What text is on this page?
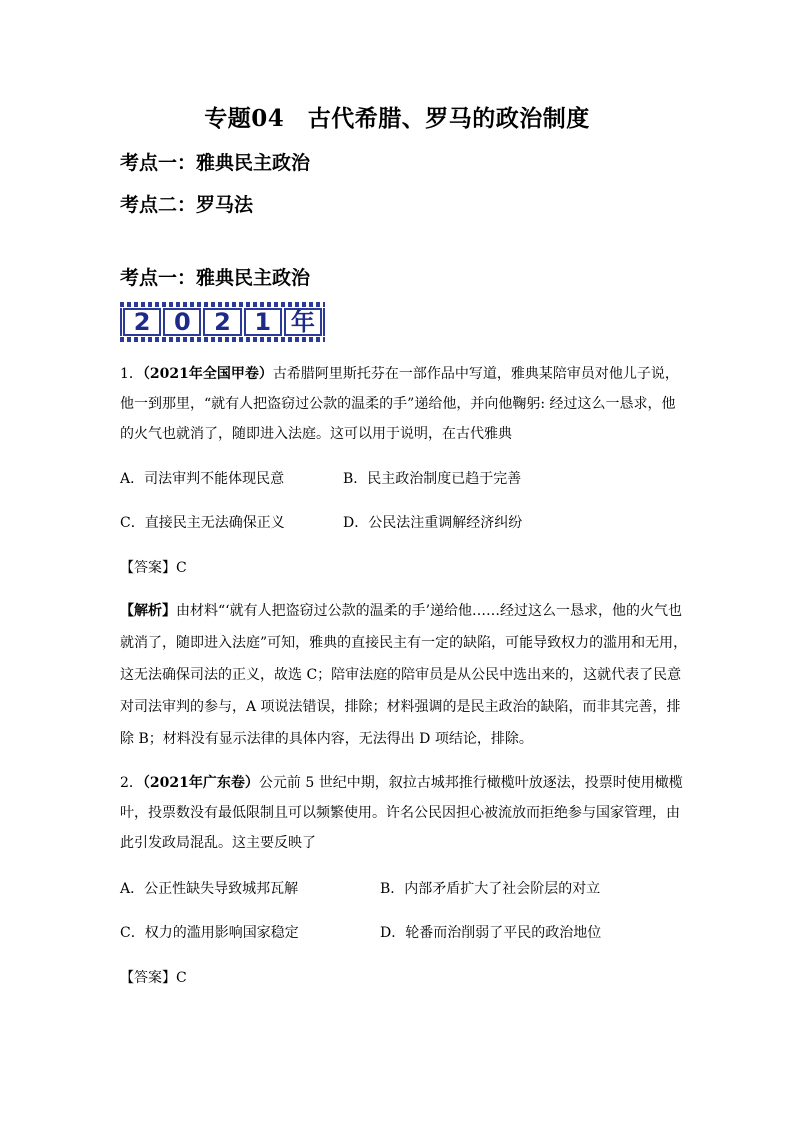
专题04　古代希腊、罗马的政治制度
考点一：雅典民主政治
考点二：罗马法
考点一：雅典民主政治
2 0 2 1 年
1．（2021年全国甲卷）古希腊阿里斯托芬在一部作品中写道，雅典某陪审员对他儿子说，
他一到那里，“就有人把盗窃过公款的温柔的手”递给他，并向他鞠躬: 经过这么一恳求，他
的火气也就消了，随即进入法庭。这可以用于说明，在古代雅典
A．司法审判不能体现民意	B．民主政治制度已趋于完善
C．直接民主无法确保正义	D．公民法注重调解经济纠纷
【答案】C
【解析】由材料“‘就有人把盗窃过公款的温柔的手’递给他……经过这么一恳求，他的火气也
就消了，随即进入法庭”可知，雅典的直接民主有一定的缺陷，可能导致权力的滥用和无用，
这无法确保司法的正义，故选 C；陪审法庭的陪审员是从公民中选出来的，这就代表了民意
对司法审判的参与，A 项说法错误，排除；材料强调的是民主政治的缺陷，而非其完善，排
除 B；材料没有显示法律的具体内容，无法得出 D 项结论，排除。
2．（2021年广东卷）公元前 5 世纪中期，叙拉古城邦推行橄榄叶放逐法，投票时使用橄榄
叶，投票数没有最低限制且可以频繁使用。许名公民因担心被流放而拒绝参与国家管理，由
此引发政局混乱。这主要反映了
A．公正性缺失导致城邦瓦解	B．内部矛盾扩大了社会阶层的对立
C．权力的滥用影响国家稳定	D．轮番而治削弱了平民的政治地位
【答案】C
